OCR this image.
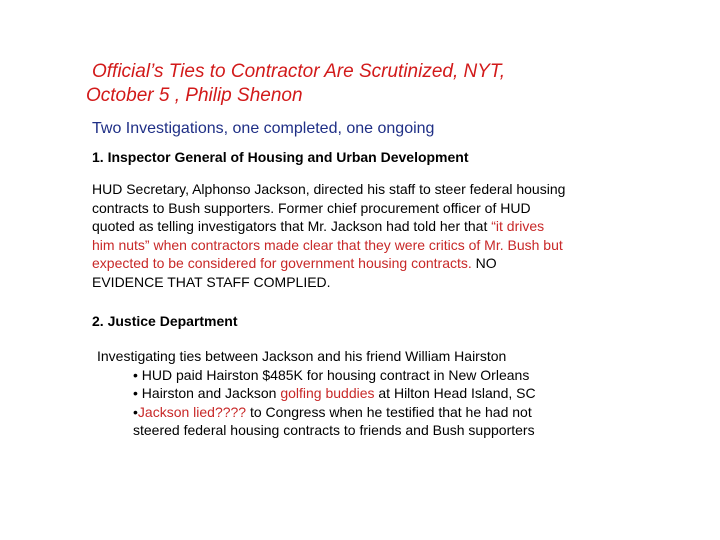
Official’s Ties to Contractor Are Scrutinized, NYT,
October 5 , Philip Shenon
Two Investigations, one completed, one ongoing
1. Inspector General of Housing and Urban Development
HUD Secretary, Alphonso Jackson, directed his staff to steer federal housing
contracts to Bush supporters. Former chief procurement officer of HUD
quoted as telling investigators that Mr. Jackson had told her that “it drives
him nuts” when contractors made clear that they were critics of Mr. Bush but
expected to be considered for government housing contracts. NO
EVIDENCE THAT STAFF COMPLIED.
2. Justice Department
Investigating ties between Jackson and his friend William Hairston
• HUD paid Hairston $485K for housing contract in New Orleans
• Hairston and Jackson golfing buddies at Hilton Head Island, SC
•Jackson lied???? to Congress when he testified that he had not
steered federal housing contracts to friends and Bush supporters
